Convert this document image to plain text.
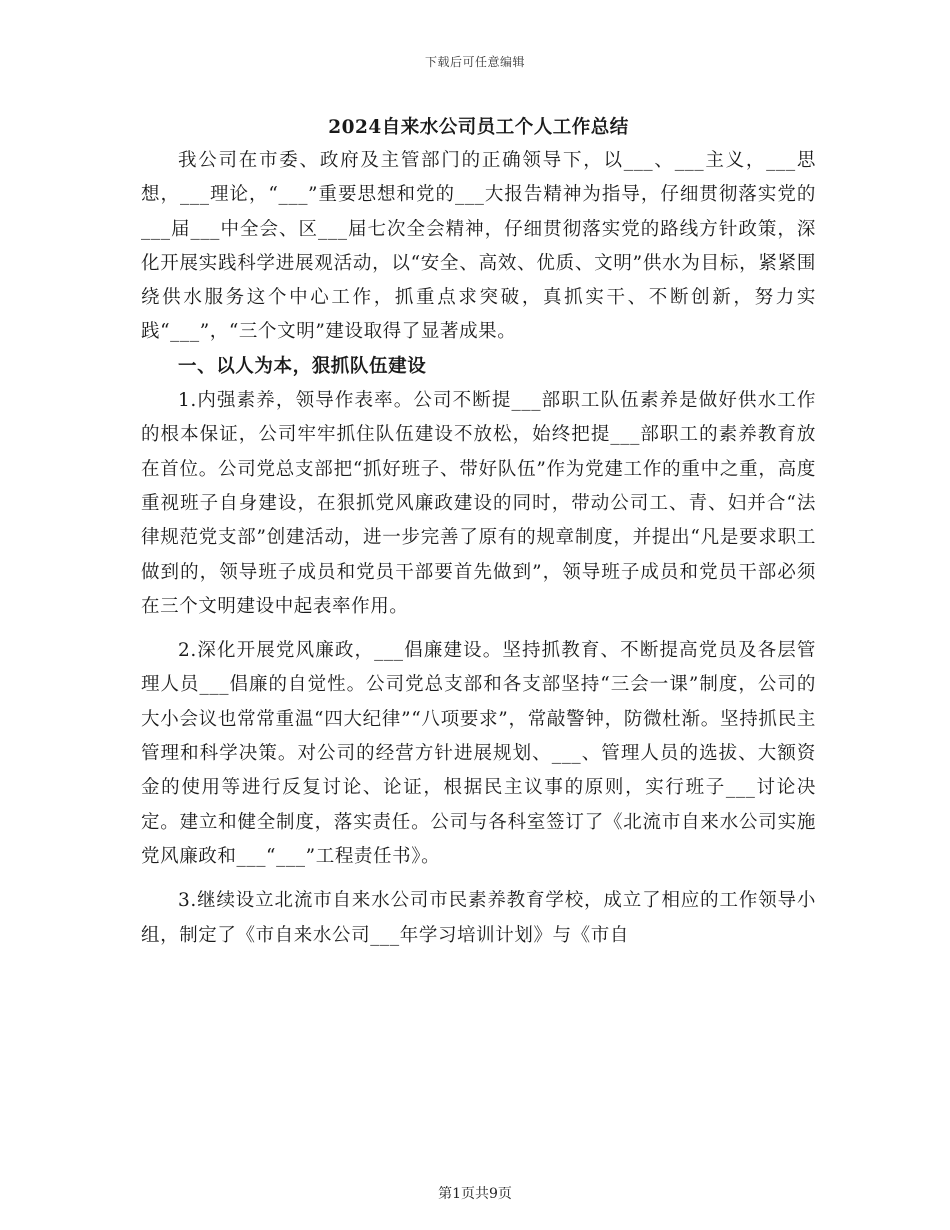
下载后可任意编辑
2024自来水公司员工个人工作总结

我公司在市委、政府及主管部门的正确领导下，以___、___主义，___思想，___理论，“___”重要思想和党的___大报告精神为指导，仔细贯彻落实党的___届___中全会、区___届七次全会精神，仔细贯彻落实党的路线方针政策，深化开展实践科学进展观活动，以“安全、高效、优质、文明”供水为目标，紧紧围绕供水服务这个中心工作，抓重点求突破，真抓实干、不断创新，努力实践“___”，“三个文明”建设取得了显著成果。

一、以人为本，狠抓队伍建设

1.内强素养，领导作表率。公司不断提___部职工队伍素养是做好供水工作的根本保证，公司牢牢抓住队伍建设不放松，始终把提___部职工的素养教育放在首位。公司党总支部把“抓好班子、带好队伍”作为党建工作的重中之重，高度重视班子自身建设，在狠抓党风廉政建设的同时，带动公司工、青、妇并合“法律规范党支部”创建活动，进一步完善了原有的规章制度，并提出“凡是要求职工做到的，领导班子成员和党员干部要首先做到”，领导班子成员和党员干部必须在三个文明建设中起表率作用。

2.深化开展党风廉政，___倡廉建设。坚持抓教育、不断提高党员及各层管理人员___倡廉的自觉性。公司党总支部和各支部坚持“三会一课”制度，公司的大小会议也常常重温“四大纪律”“八项要求”，常敲警钟，防微杜渐。坚持抓民主管理和科学决策。对公司的经营方针进展规划、___、管理人员的选拔、大额资金的使用等进行反复讨论、论证，根据民主议事的原则，实行班子___讨论决定。建立和健全制度，落实责任。公司与各科室签订了《北流市自来水公司实施党风廉政和___“___”工程责任书》。

3.继续设立北流市自来水公司市民素养教育学校，成立了相应的工作领导小组，制定了《市自来水公司___年学习培训计划》与《市自

第1页共9页
